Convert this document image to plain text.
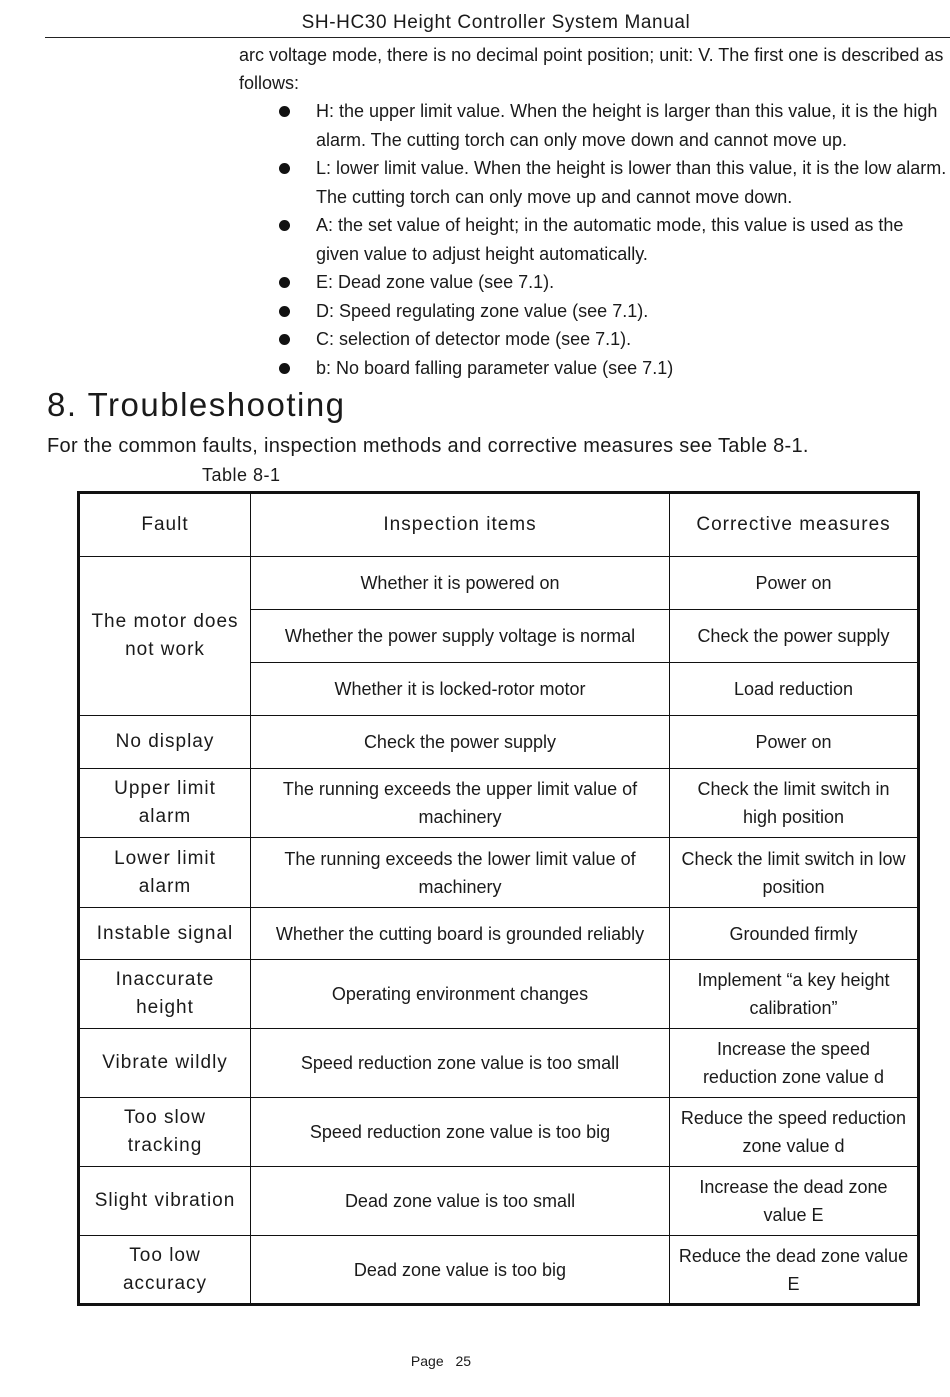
SH-HC30 Height Controller System Manual
arc voltage mode, there is no decimal point position; unit: V. The first one is described as follows:
H: the upper limit value. When the height is larger than this value, it is the high alarm. The cutting torch can only move down and cannot move up.
L: lower limit value. When the height is lower than this value, it is the low alarm. The cutting torch can only move up and cannot move down.
A: the set value of height; in the automatic mode, this value is used as the given value to adjust height automatically.
E: Dead zone value (see 7.1).
D: Speed regulating zone value (see 7.1).
C: selection of detector mode (see 7.1).
b: No board falling parameter value (see 7.1)
8. Troubleshooting
For the common faults, inspection methods and corrective measures see Table 8-1.
Table 8-1
Fault	Inspection items	Corrective measures
The motor does not work	Whether it is powered on	Power on
	Whether the power supply voltage is normal	Check the power supply
	Whether it is locked-rotor motor	Load reduction
No display	Check the power supply	Power on
Upper limit alarm	The running exceeds the upper limit value of machinery	Check the limit switch in high position
Lower limit alarm	The running exceeds the lower limit value of machinery	Check the limit switch in low position
Instable signal	Whether the cutting board is grounded reliably	Grounded firmly
Inaccurate height	Operating environment changes	Implement “a key height calibration”
Vibrate wildly	Speed reduction zone value is too small	Increase the speed reduction zone value d
Too slow tracking	Speed reduction zone value is too big	Reduce the speed reduction zone value d
Slight vibration	Dead zone value is too small	Increase the dead zone value E
Too low accuracy	Dead zone value is too big	Reduce the dead zone value E
Page 25
